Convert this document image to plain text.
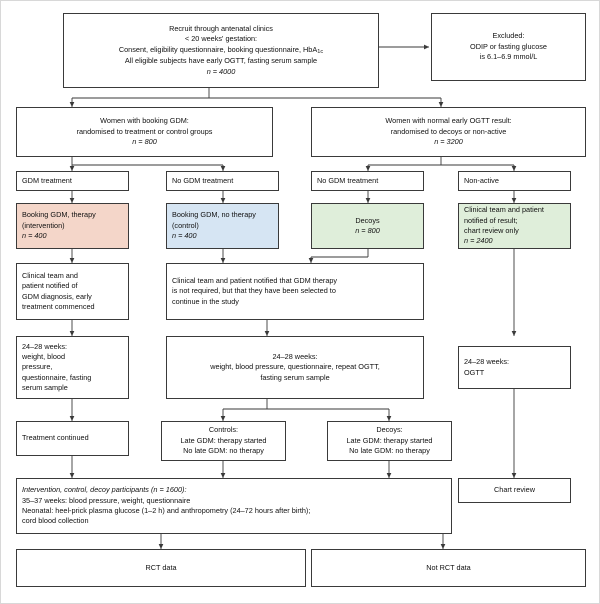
Recruit through antenatal clinics
< 20 weeks' gestation:
Consent, eligibility questionnaire, booking questionnaire, HbA1c
All eligible subjects have early OGTT, fasting serum sample
n = 4000
Excluded:
ODIP or fasting glucose
is 6.1–6.9 mmol/L
Women with booking GDM:
randomised to treatment or control groups
n = 800
Women with normal early OGTT result:
randomised to decoys or non-active
n = 3200
GDM treatment	No GDM treatment	No GDM treatment	Non-active
Booking GDM, therapy
(intervention)
n = 400
Booking GDM, no therapy
(control)
n = 400
Decoys
n = 800
Clinical team and patient
notified of result;
chart review only
n = 2400
Clinical team and
patient notified of
GDM diagnosis, early
treatment commenced
Clinical team and patient notified that GDM therapy
is not required, but that they have been selected to
continue in the study
24–28 weeks:
weight, blood
pressure,
questionnaire, fasting
serum sample
24–28 weeks:
weight, blood pressure, questionnaire, repeat OGTT,
fasting serum sample
24–28 weeks:
OGTT
Treatment continued
Controls:
Late GDM: therapy started
No late GDM: no therapy
Decoys:
Late GDM: therapy started
No late GDM: no therapy
Intervention, control, decoy participants (n = 1600):
35–37 weeks: blood pressure, weight, questionnaire
Neonatal: heel-prick plasma glucose (1–2 h) and anthropometry (24–72 hours after birth);
cord blood collection
Chart review
RCT data	Not RCT data
